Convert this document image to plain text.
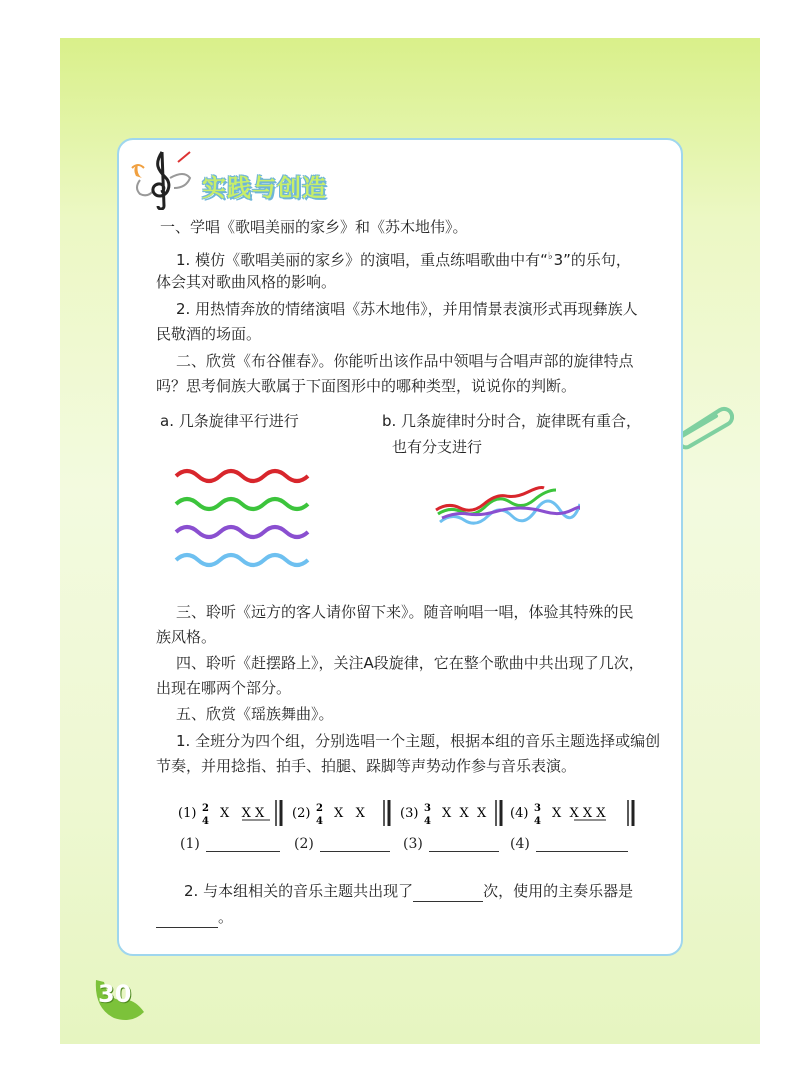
实践与创造
一、学唱《歌唱美丽的家乡》和《苏木地伟》。
1. 模仿《歌唱美丽的家乡》的演唱，重点练唱歌曲中有“♭3”的乐句，
体会其对歌曲风格的影响。
2. 用热情奔放的情绪演唱《苏木地伟》，并用情景表演形式再现彝族人
民敬酒的场面。
二、欣赏《布谷催春》。你能听出该作品中领唱与合唱声部的旋律特点
吗？思考侗族大歌属于下面图形中的哪种类型，说说你的判断。
a. 几条旋律平行进行	b. 几条旋律时分时合，旋律既有重合，
也有分支进行
三、聆听《远方的客人请你留下来》。随音响唱一唱，体验其特殊的民
族风格。
四、聆听《赶摆路上》，关注A段旋律，它在整个歌曲中共出现了几次，
出现在哪两个部分。
五、欣赏《瑶族舞曲》。
1. 全班分为四个组，分别选唱一个主题，根据本组的音乐主题选择或编创
节奏，并用捻指、拍手、拍腿、跺脚等声势动作参与音乐表演。
(1) 2
4
X   X X (2) 2
4
X   X	(3) 3
4
X  X  X (4) 3
4
X  X X X
(1)	(2)	(3)	(4)
2. 与本组相关的音乐主题共出现了	次，使用的主奏乐器是
。
30
